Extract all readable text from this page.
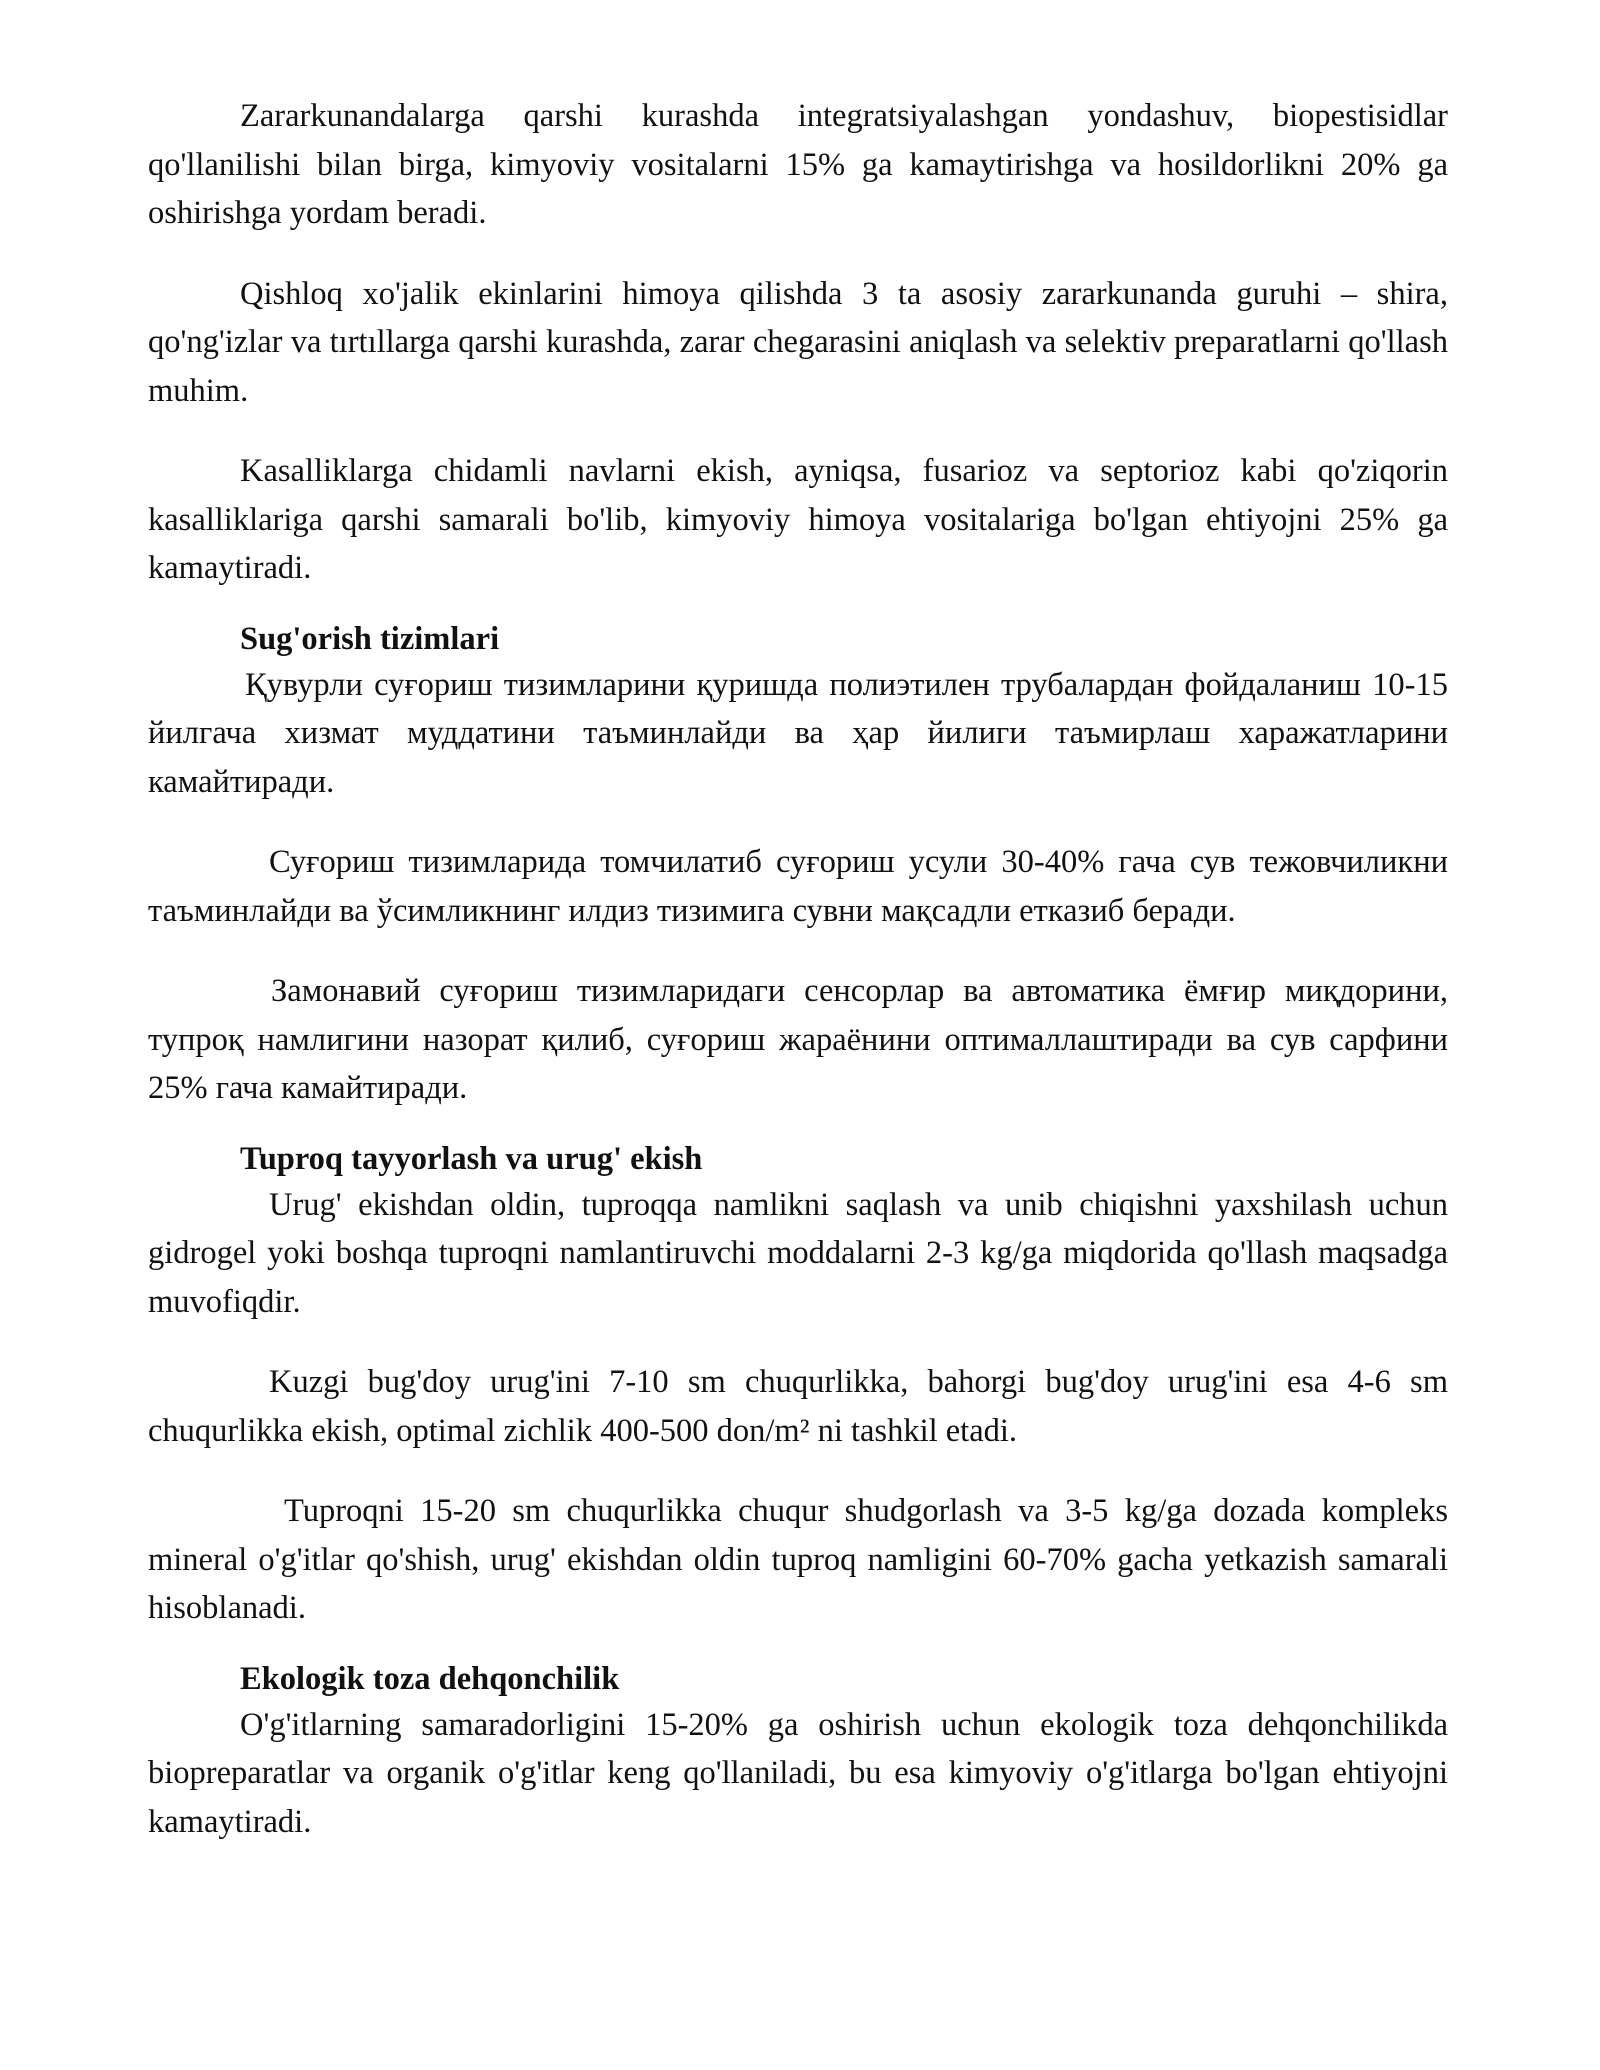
Zararkunandalarga qarshi kurashda integratsiyalashgan yondashuv, biopestisidlar qo'llanilishi bilan birga, kimyoviy vositalarni 15% ga kamaytirishga va hosildorlikni 20% ga oshirishga yordam beradi.

Qishloq xo'jalik ekinlarini himoya qilishda 3 ta asosiy zararkunanda guruhi – shira, qo'ng'izlar va tırtıllarga qarshi kurashda, zarar chegarasini aniqlash va selektiv preparatlarni qo'llash muhim.

Kasalliklarga chidamli navlarni ekish, ayniqsa, fusarioz va septorioz kabi qo'ziqorin kasalliklariga qarshi samarali bo'lib, kimyoviy himoya vositalariga bo'lgan ehtiyojni 25% ga kamaytiradi.

Sug'orish tizimlari

Қувурли суғориш тизимларини қуришда полиэтилен трубалардан фойдаланиш 10-15 йилгача хизмат муддатини таъминлайди ва ҳар йилиги таъмирлаш харажатларини камайтиради.

Суғориш тизимларида томчилатиб суғориш усули 30-40% гача сув тежовчиликни таъминлайди ва ўсимликнинг илдиз тизимига сувни мақсадли етказиб беради.

Замонавий суғориш тизимларидаги сенсорлар ва автоматика ёмғир миқдорини, тупроқ намлигини назорат қилиб, суғориш жараёнини оптималлаштиради ва сув сарфини 25% гача камайтиради.

Tuproq tayyorlash va urug' ekish

Urug' ekishdan oldin, tuproqqa namlikni saqlash va unib chiqishni yaxshilash uchun gidrogel yoki boshqa tuproqni namlantiruvchi moddalarni 2-3 kg/ga miqdorida qo'llash maqsadga muvofiqdir.

Kuzgi bug'doy urug'ini 7-10 sm chuqurlikka, bahorgi bug'doy urug'ini esa 4-6 sm chuqurlikka ekish, optimal zichlik 400-500 don/m² ni tashkil etadi.

Tuproqni 15-20 sm chuqurlikka chuqur shudgorlash va 3-5 kg/ga dozada kompleks mineral o'g'itlar qo'shish, urug' ekishdan oldin tuproq namligini 60-70% gacha yetkazish samarali hisoblanadi.

Ekologik toza dehqonchilik

O'g'itlarning samaradorligini 15-20% ga oshirish uchun ekologik toza dehqonchilikda biopreparatlar va organik o'g'itlar keng qo'llaniladi, bu esa kimyoviy o'g'itlarga bo'lgan ehtiyojni kamaytiradi.
